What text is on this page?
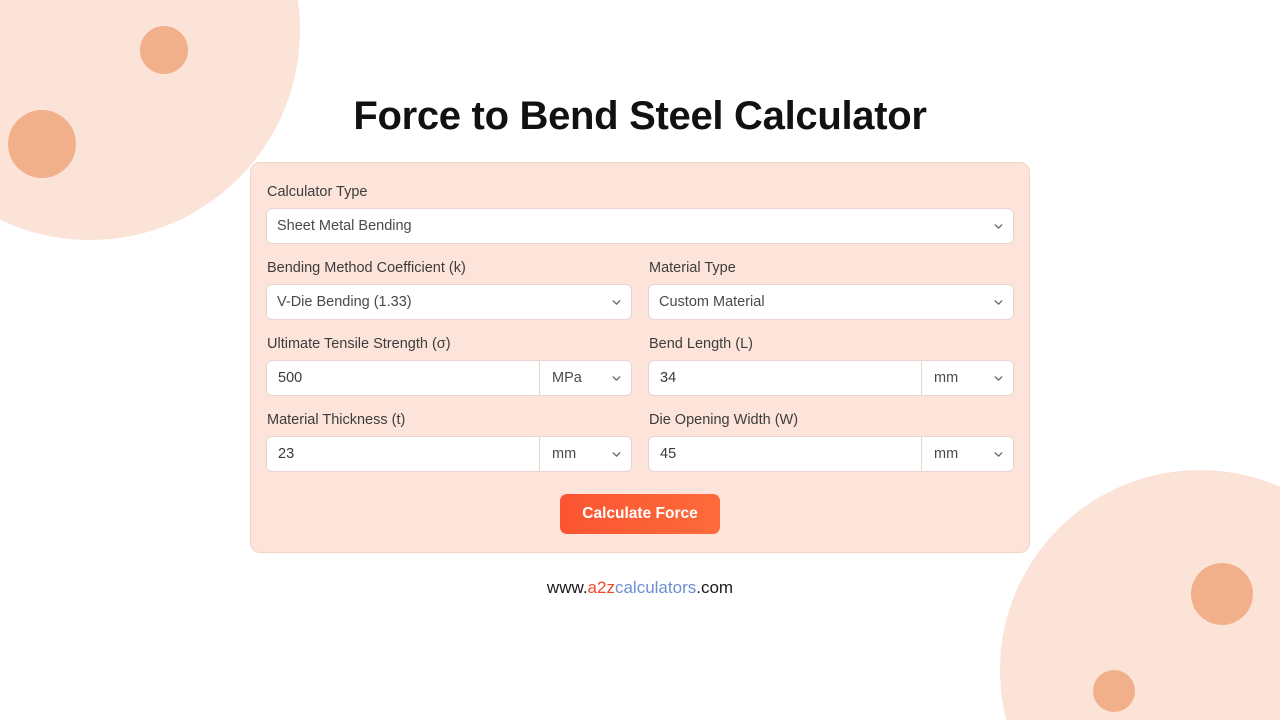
Force to Bend Steel Calculator
Calculator Type
Sheet Metal Bending
Bending Method Coefficient (k)
V-Die Bending (1.33)
Material Type
Custom Material
Ultimate Tensile Strength (σ)
500
MPa
Bend Length (L)
34
mm
Material Thickness (t)
23
mm
Die Opening Width (W)
45
mm
Calculate Force
www.a2zcalculators.com
